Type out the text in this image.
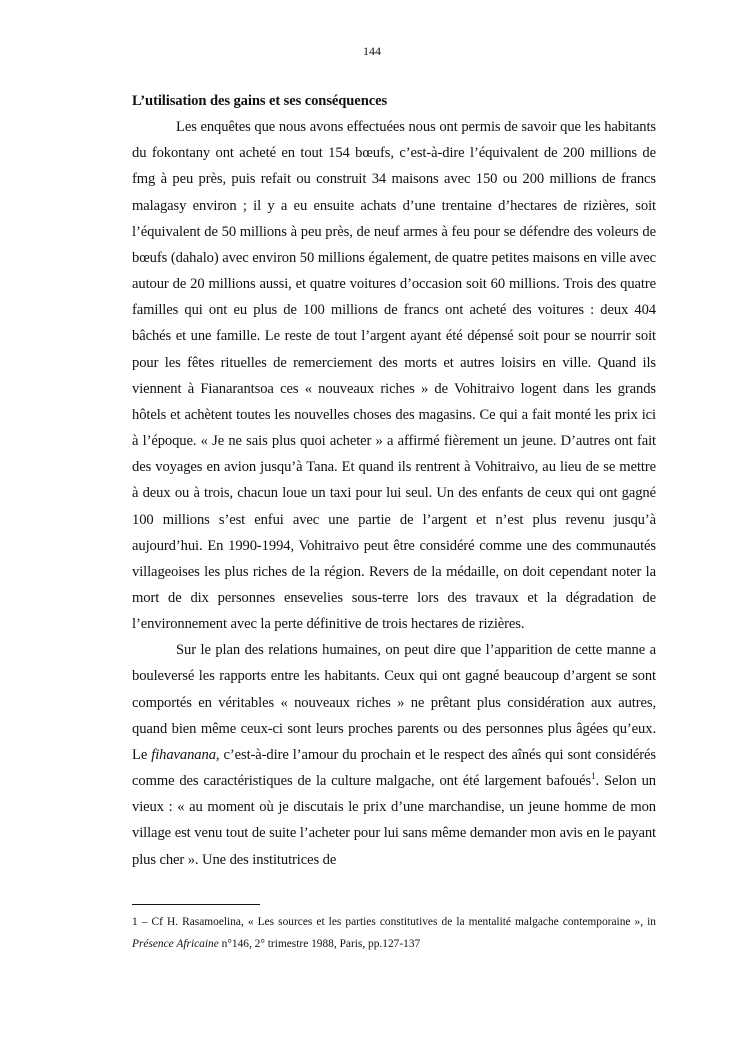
144

L’utilisation des gains et ses conséquences

Les enquêtes que nous avons effectuées nous ont permis de savoir que les habitants du fokontany ont acheté en tout 154 bœufs, c’est-à-dire l’équivalent de 200 millions de fmg à peu près, puis refait ou construit 34 maisons avec 150 ou 200 millions de francs malagasy environ ; il y a eu ensuite achats d’une trentaine d’hectares de rizières, soit l’équivalent de 50 millions à peu près, de neuf armes à feu pour se défendre des voleurs de bœufs (dahalo) avec environ 50 millions également, de quatre petites maisons en ville avec autour de 20 millions aussi, et quatre voitures d’occasion soit 60 millions. Trois des quatre familles qui ont eu plus de 100 millions de francs ont acheté des voitures : deux 404 bâchés et une famille. Le reste de tout l’argent ayant été dépensé soit pour se nourrir soit pour les fêtes rituelles de remerciement des morts et autres loisirs en ville. Quand ils viennent à Fianarantsoa ces « nouveaux riches » de Vohitraivo logent dans les grands hôtels et achètent toutes les nouvelles choses des magasins. Ce qui a fait monté les prix ici à l’époque. « Je ne sais plus quoi acheter » a affirmé fièrement un jeune. D’autres ont fait des voyages en avion jusqu’à Tana. Et quand ils rentrent à Vohitraivo, au lieu de se mettre à deux ou à trois, chacun loue un taxi pour lui seul. Un des enfants de ceux qui ont gagné 100 millions s’est enfui avec une partie de l’argent et n’est plus revenu jusqu’à aujourd’hui. En 1990-1994, Vohitraivo peut être considéré comme une des communautés villageoises les plus riches de la région. Revers de la médaille, on doit cependant noter la mort de dix personnes ensevelies sous-terre lors des travaux et la dégradation de l’environnement avec la perte définitive de trois hectares de rizières.

Sur le plan des relations humaines, on peut dire que l’apparition de cette manne a bouleversé les rapports entre les habitants. Ceux qui ont gagné beaucoup d’argent se sont comportés en véritables « nouveaux riches » ne prêtant plus considération aux autres, quand bien même ceux-ci sont leurs proches parents ou des personnes plus âgées qu’eux. Le fihavanana, c’est-à-dire l’amour du prochain et le respect des aînés qui sont considérés comme des caractéristiques de la culture malgache, ont été largement bafoués$^1$. Selon un vieux : « au moment où je discutais le prix d’une marchandise, un jeune homme de mon village est venu tout de suite l’acheter pour lui sans même demander mon avis en le payant plus cher ». Une des institutrices de

1 – Cf H. Rasamoelina, « Les sources et les parties constitutives de la mentalité malgache contemporaine », in Présence Africaine n°146, 2° trimestre 1988, Paris, pp.127-137
